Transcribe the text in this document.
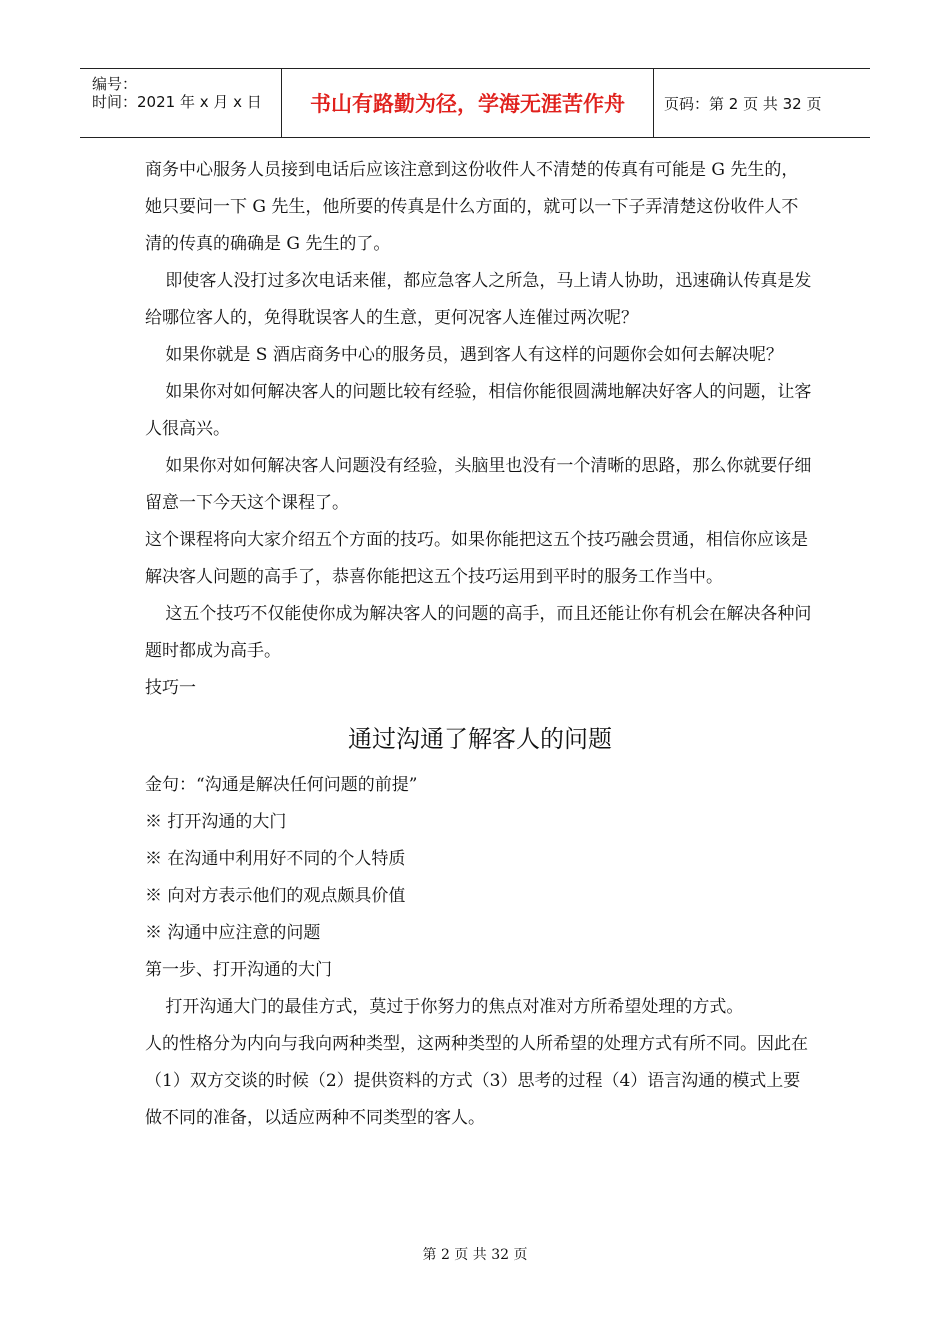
编号：
时间：2021 年 x 月 x 日	书山有路勤为径，学海无涯苦作舟	页码：第 2 页 共 32 页

商务中心服务人员接到电话后应该注意到这份收件人不清楚的传真有可能是 G 先生的，她只要问一下 G 先生，他所要的传真是什么方面的，就可以一下子弄清楚这份收件人不清的传真的确确是 G 先生的了。

即使客人没打过多次电话来催，都应急客人之所急，马上请人协助，迅速确认传真是发给哪位客人的，免得耽误客人的生意，更何况客人连催过两次呢？

如果你就是 S 酒店商务中心的服务员，遇到客人有这样的问题你会如何去解决呢？

如果你对如何解决客人的问题比较有经验，相信你能很圆满地解决好客人的问题，让客人很高兴。

如果你对如何解决客人问题没有经验，头脑里也没有一个清晰的思路，那么你就要仔细留意一下今天这个课程了。

这个课程将向大家介绍五个方面的技巧。如果你能把这五个技巧融会贯通，相信你应该是解决客人问题的高手了，恭喜你能把这五个技巧运用到平时的服务工作当中。

这五个技巧不仅能使你成为解决客人的问题的高手，而且还能让你有机会在解决各种问题时都成为高手。

技巧一

通过沟通了解客人的问题

金句：“沟通是解决任何问题的前提”

※ 打开沟通的大门

※ 在沟通中利用好不同的个人特质

※ 向对方表示他们的观点颇具价值

※ 沟通中应注意的问题

第一步、打开沟通的大门

打开沟通大门的最佳方式，莫过于你努力的焦点对准对方所希望处理的方式。

人的性格分为内向与我向两种类型，这两种类型的人所希望的处理方式有所不同。因此在（1）双方交谈的时候（2）提供资料的方式（3）思考的过程（4）语言沟通的模式上要做不同的准备，以适应两种不同类型的客人。

第 2 页 共 32 页
